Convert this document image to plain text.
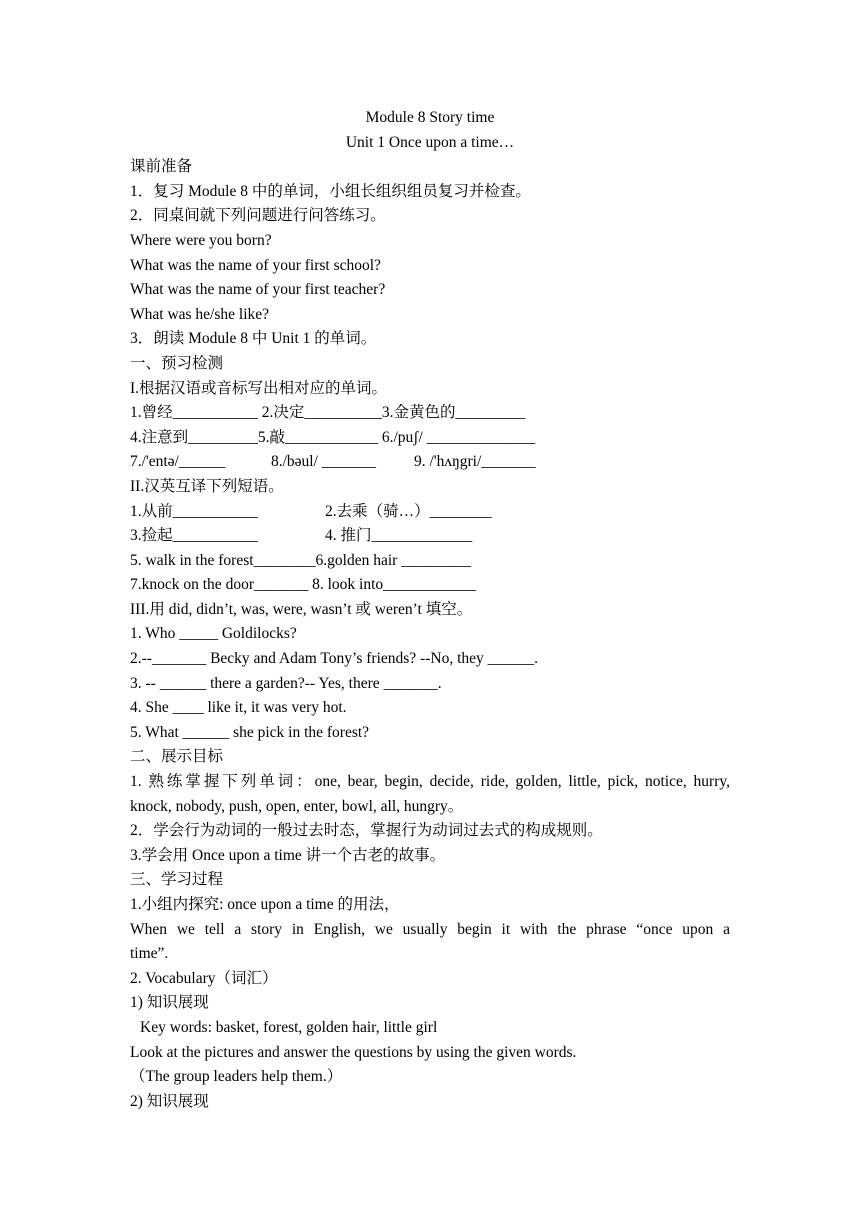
Module 8 Story time
Unit 1 Once upon a time…
课前准备
1．复习 Module 8 中的单词，小组长组织组员复习并检查。
2．同桌间就下列问题进行问答练习。
Where were you born?
What was the name of your first school?
What was the name of your first teacher?
What was he/she like?
3．朗读 Module 8 中 Unit 1 的单词。
一、预习检测
I.根据汉语或音标写出相对应的单词。
1.曾经___________ 2.决定__________3.金黄色的_________
4.注意到_________5.敲____________ 6./puʃ/ ______________
7./'entə/______	8./bəul/ _______ 9. /'hʌŋgri/_______
II.汉英互译下列短语。
1.从前___________	2.去乘（骑…）________
3.捡起___________	4. 推门_____________
5. walk in the forest________6.golden hair _________
7.knock on the door_______ 8. look into____________
III.用 did, didn’t, was, were, wasn’t 或 weren’t 填空。
1. Who _____ Goldilocks?
2.--_______ Becky and Adam Tony’s friends? --No, they ______.
3. -- ______ there a garden?-- Yes, there _______.
4. She ____ like it, it was very hot.
5. What ______ she pick in the forest?
二、展示目标
1. 熟练掌握下列单词：one, bear, begin, decide, ride, golden, little, pick, notice, hurry,
knock, nobody, push, open, enter, bowl, all, hungry。
2．学会行为动词的一般过去时态，掌握行为动词过去式的构成规则。
3.学会用 Once upon a time 讲一个古老的故事。
三、学习过程
1.小组内探究: once upon a time 的用法，
When we tell a story in English, we usually begin it with the phrase “once upon a
time”.
2. Vocabulary（词汇）
1) 知识展现
Key words: basket, forest, golden hair, little girl
Look at the pictures and answer the questions by using the given words.
（The group leaders help them.）
2) 知识展现
